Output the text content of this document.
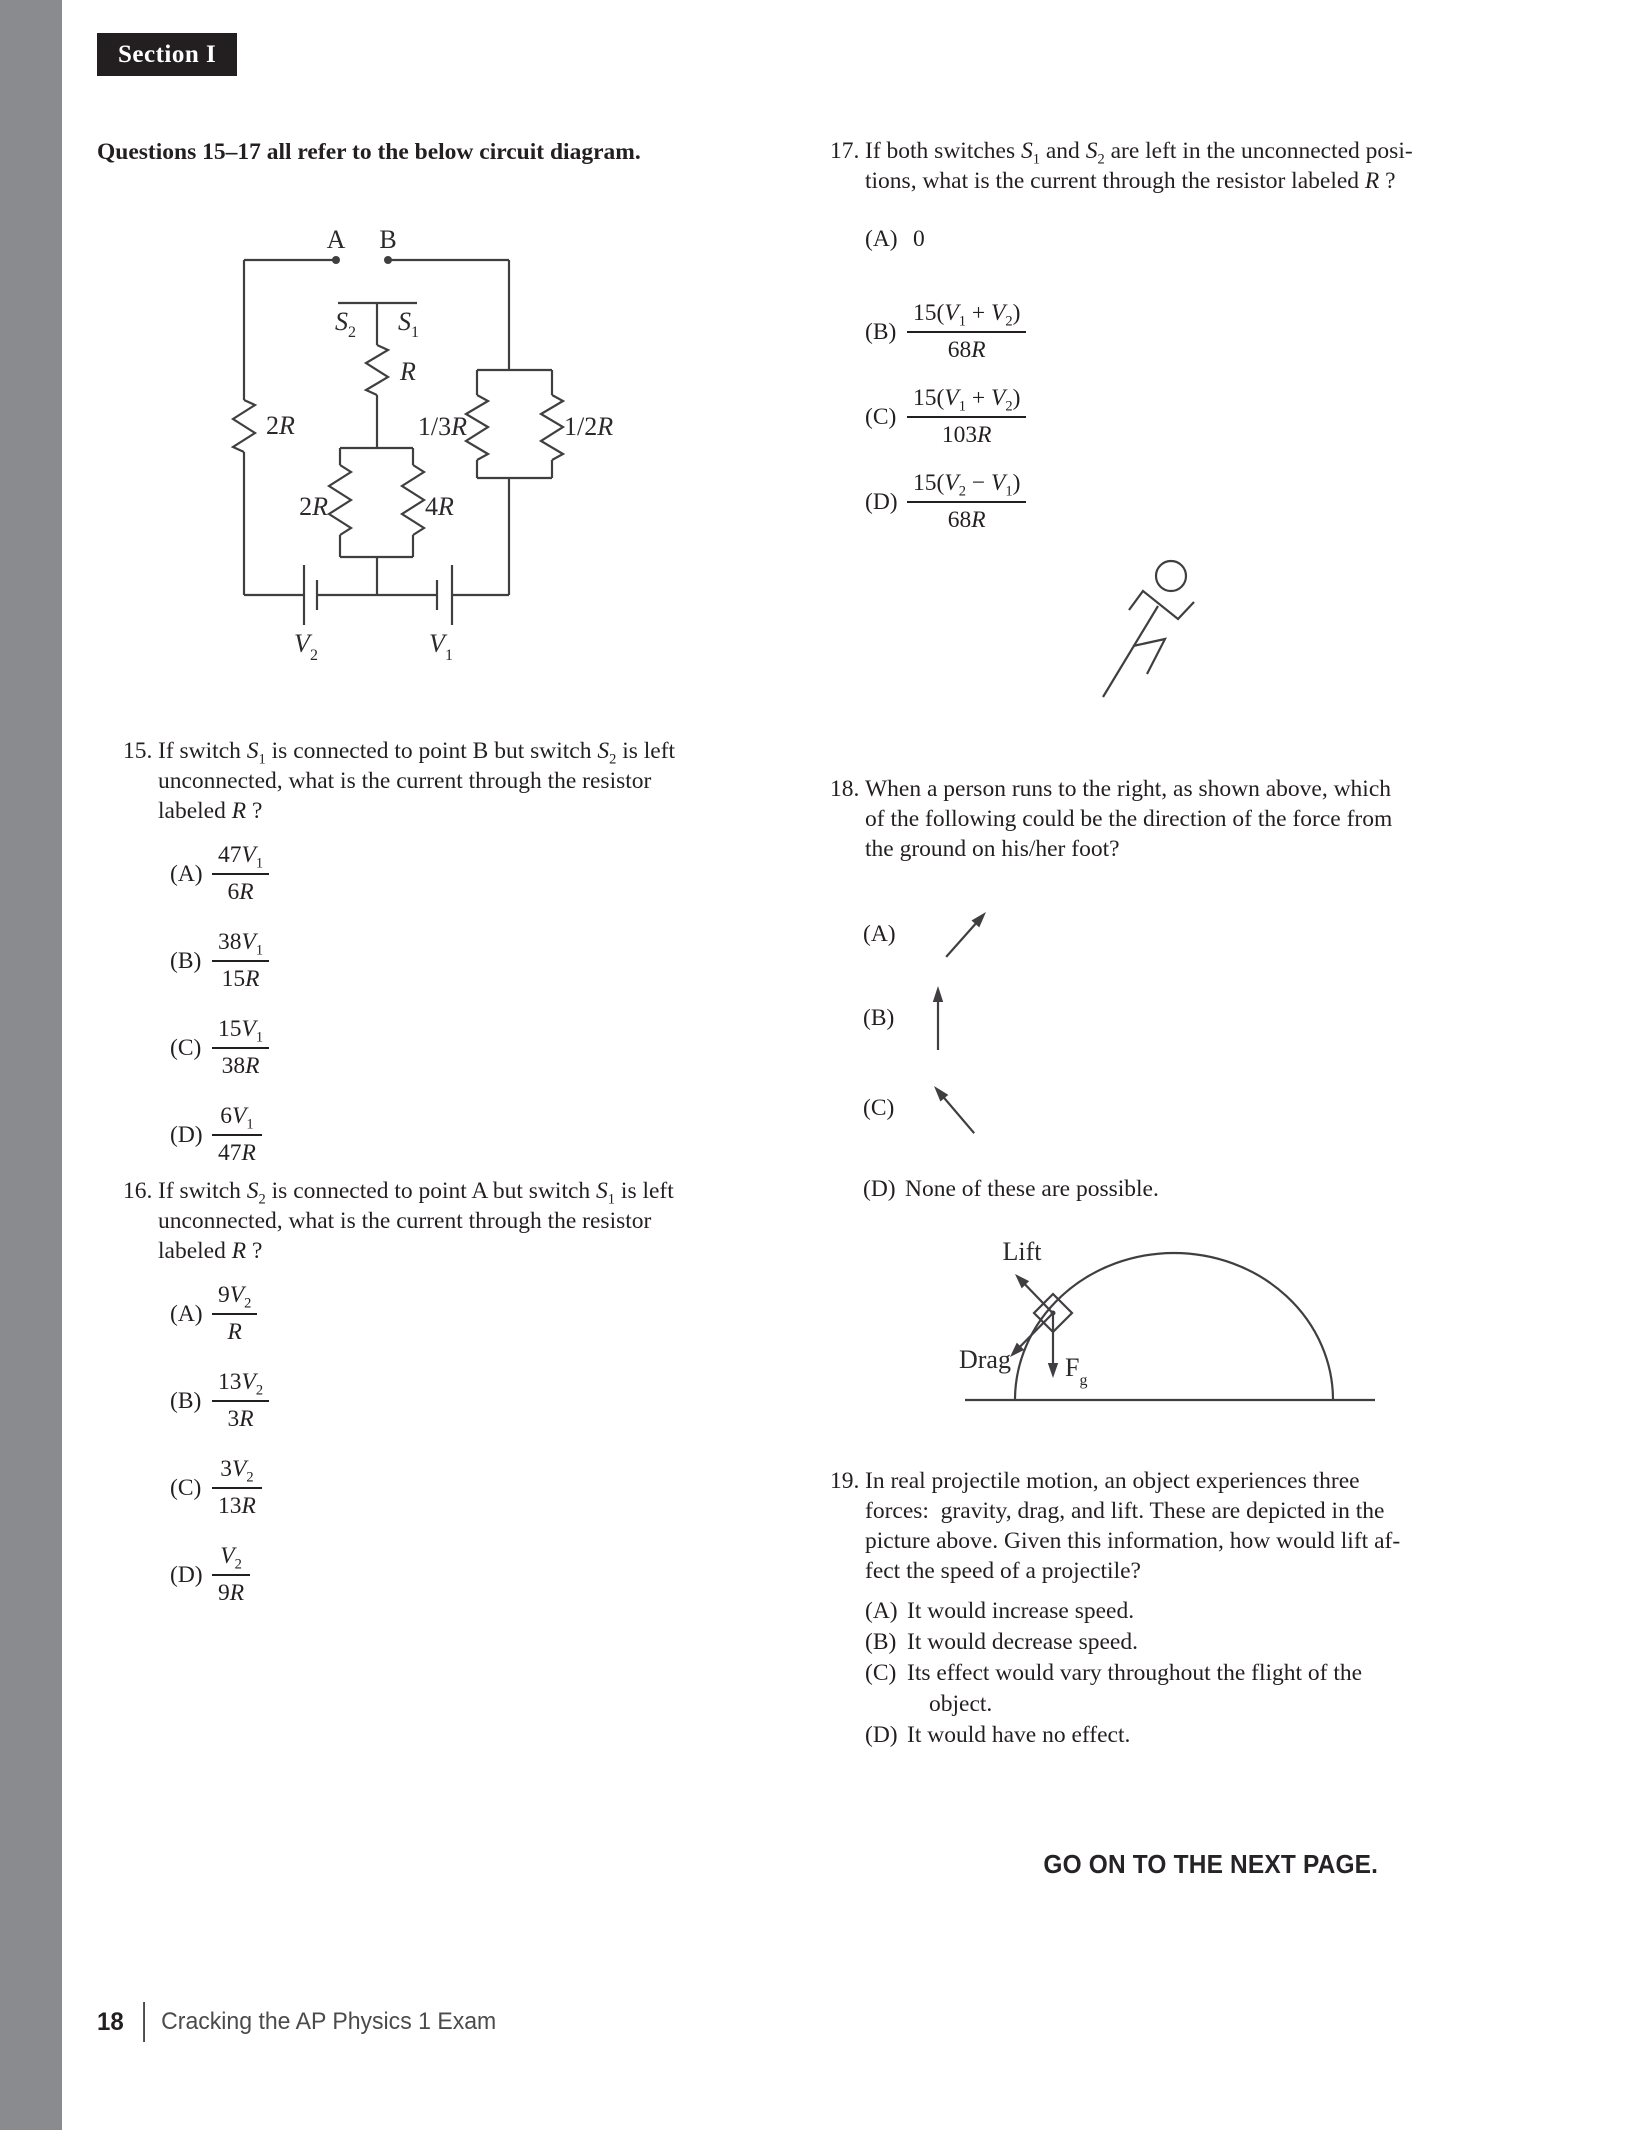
Section I
Questions 15–17 all refer to the below circuit diagram.
A B
$S_2$ $S_1$
R
2R	1/3R	1/2R
2R	4R
$V_2$	$V_1$
15. If switch $S_1$ is connected to point B but switch $S_2$ is left
unconnected, what is the current through the resistor
labeled R ?
$(A) \frac{47V_1}{6R}$
$(B) \frac{38V_1}{15R}$
$(C) \frac{15V_1}{38R}$
$(D) \frac{6V_1}{47R}$
16. If switch $S_2$ is connected to point A but switch $S_1$ is left
unconnected, what is the current through the resistor
labeled R ?
$(A) \frac{9V_2}{R}$
$(B) \frac{13V_2}{3R}$
$(C) \frac{3V_2}{13R}$
$(D) \frac{V_2}{9R}$
17. If both switches $S_1$ and $S_2$ are left in the unconnected posi-
tions, what is the current through the resistor labeled R ?
(A) 0
$(B) \frac{15(V_1 + V_2)}{68R}$
$(C) \frac{15(V_1 + V_2)}{103R}$
$(D) \frac{15(V_2 - V_1)}{68R}$
18. When a person runs to the right, as shown above, which
of the following could be the direction of the force from
the ground on his/her foot?
(A)
(B)
(C)
(D) None of these are possible.
Lift
Drag $F_g$
19. In real projectile motion, an object experiences three
forces:  gravity, drag, and lift. These are depicted in the
picture above. Given this information, how would lift af-
fect the speed of a projectile?
(A) It would increase speed.
(B) It would decrease speed.
(C) Its effect would vary throughout the flight of the
object.
(D) It would have no effect.
GO ON TO THE NEXT PAGE.
18 Cracking the AP Physics 1 Exam
